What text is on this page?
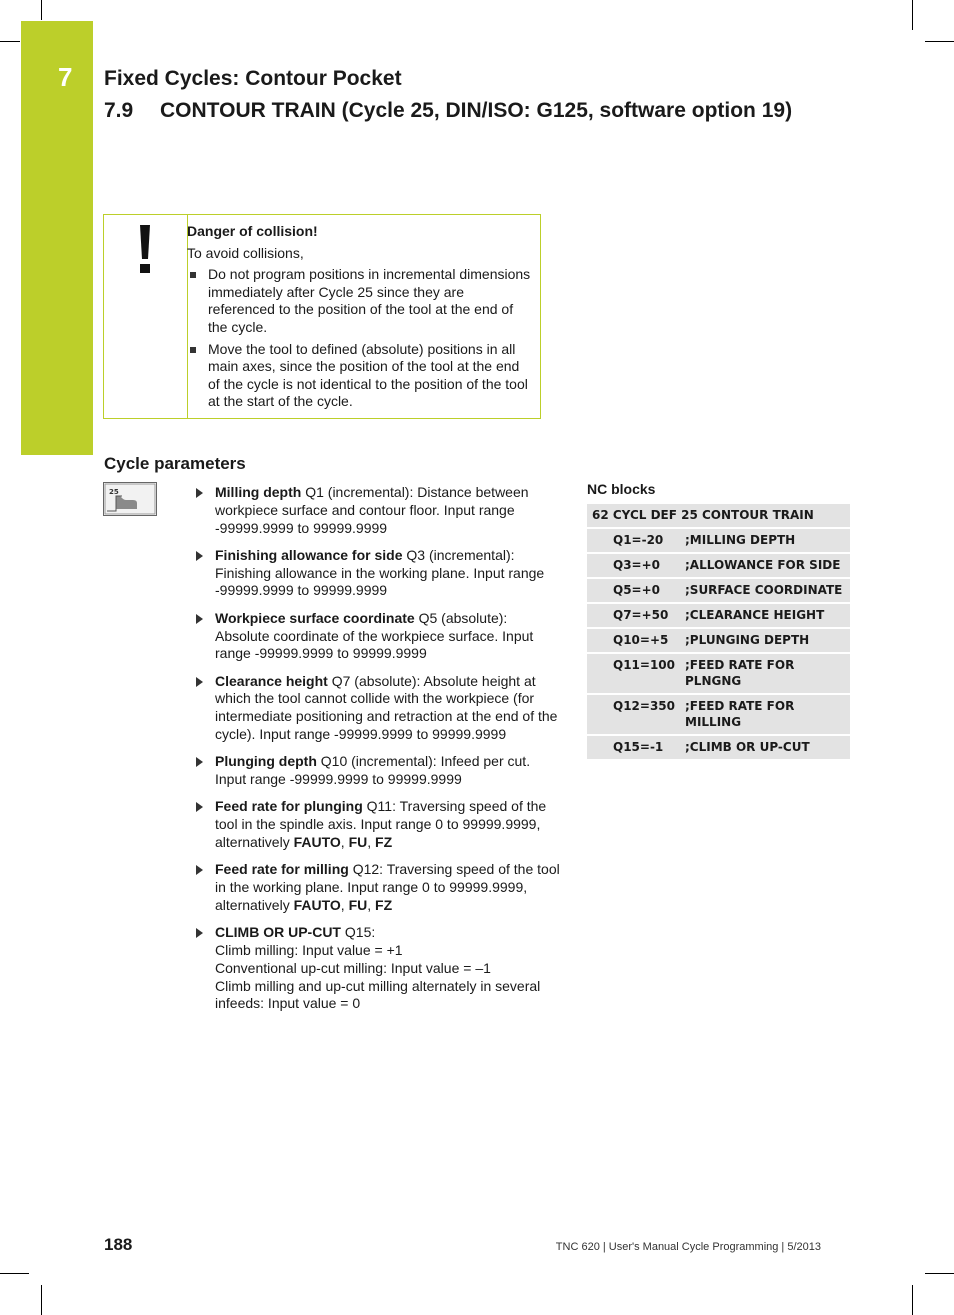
7 Fixed Cycles: Contour Pocket
7.9 CONTOUR TRAIN (Cycle 25, DIN/ISO: G125, software option 19)
Danger of collision!
To avoid collisions,
Do not program positions in incremental dimensions immediately after Cycle 25 since they are referenced to the position of the tool at the end of the cycle.
Move the tool to defined (absolute) positions in all main axes, since the position of the tool at the end of the cycle is not identical to the position of the tool at the start of the cycle.
Cycle parameters
25	Milling depth Q1 (incremental): Distance between workpiece surface and contour floor. Input range -99999.9999 to 99999.9999
Finishing allowance for side Q3 (incremental): Finishing allowance in the working plane. Input range -99999.9999 to 99999.9999
Workpiece surface coordinate Q5 (absolute): Absolute coordinate of the workpiece surface. Input range -99999.9999 to 99999.9999
Clearance height Q7 (absolute): Absolute height at which the tool cannot collide with the workpiece (for intermediate positioning and retraction at the end of the cycle). Input range -99999.9999 to 99999.9999
Plunging depth Q10 (incremental): Infeed per cut. Input range -99999.9999 to 99999.9999
Feed rate for plunging Q11: Traversing speed of the tool in the spindle axis. Input range 0 to 99999.9999, alternatively FAUTO, FU, FZ
Feed rate for milling Q12: Traversing speed of the tool in the working plane. Input range 0 to 99999.9999, alternatively FAUTO, FU, FZ
CLIMB OR UP-CUT Q15:
Climb milling: Input value = +1
Conventional up-cut milling: Input value = –1
Climb milling and up-cut milling alternately in several infeeds: Input value = 0
NC blocks
62 CYCL DEF 25 CONTOUR TRAIN	
Q1=-20	;MILLING DEPTH
Q3=+0	;ALLOWANCE FOR SIDE
Q5=+0	;SURFACE COORDINATE
Q7=+50	;CLEARANCE HEIGHT
Q10=+5	;PLUNGING DEPTH
Q11=100	;FEED RATE FOR PLNGNG
Q12=350	;FEED RATE FOR MILLING
Q15=-1	;CLIMB OR UP-CUT
188	TNC 620 | User's Manual Cycle Programming | 5/2013
